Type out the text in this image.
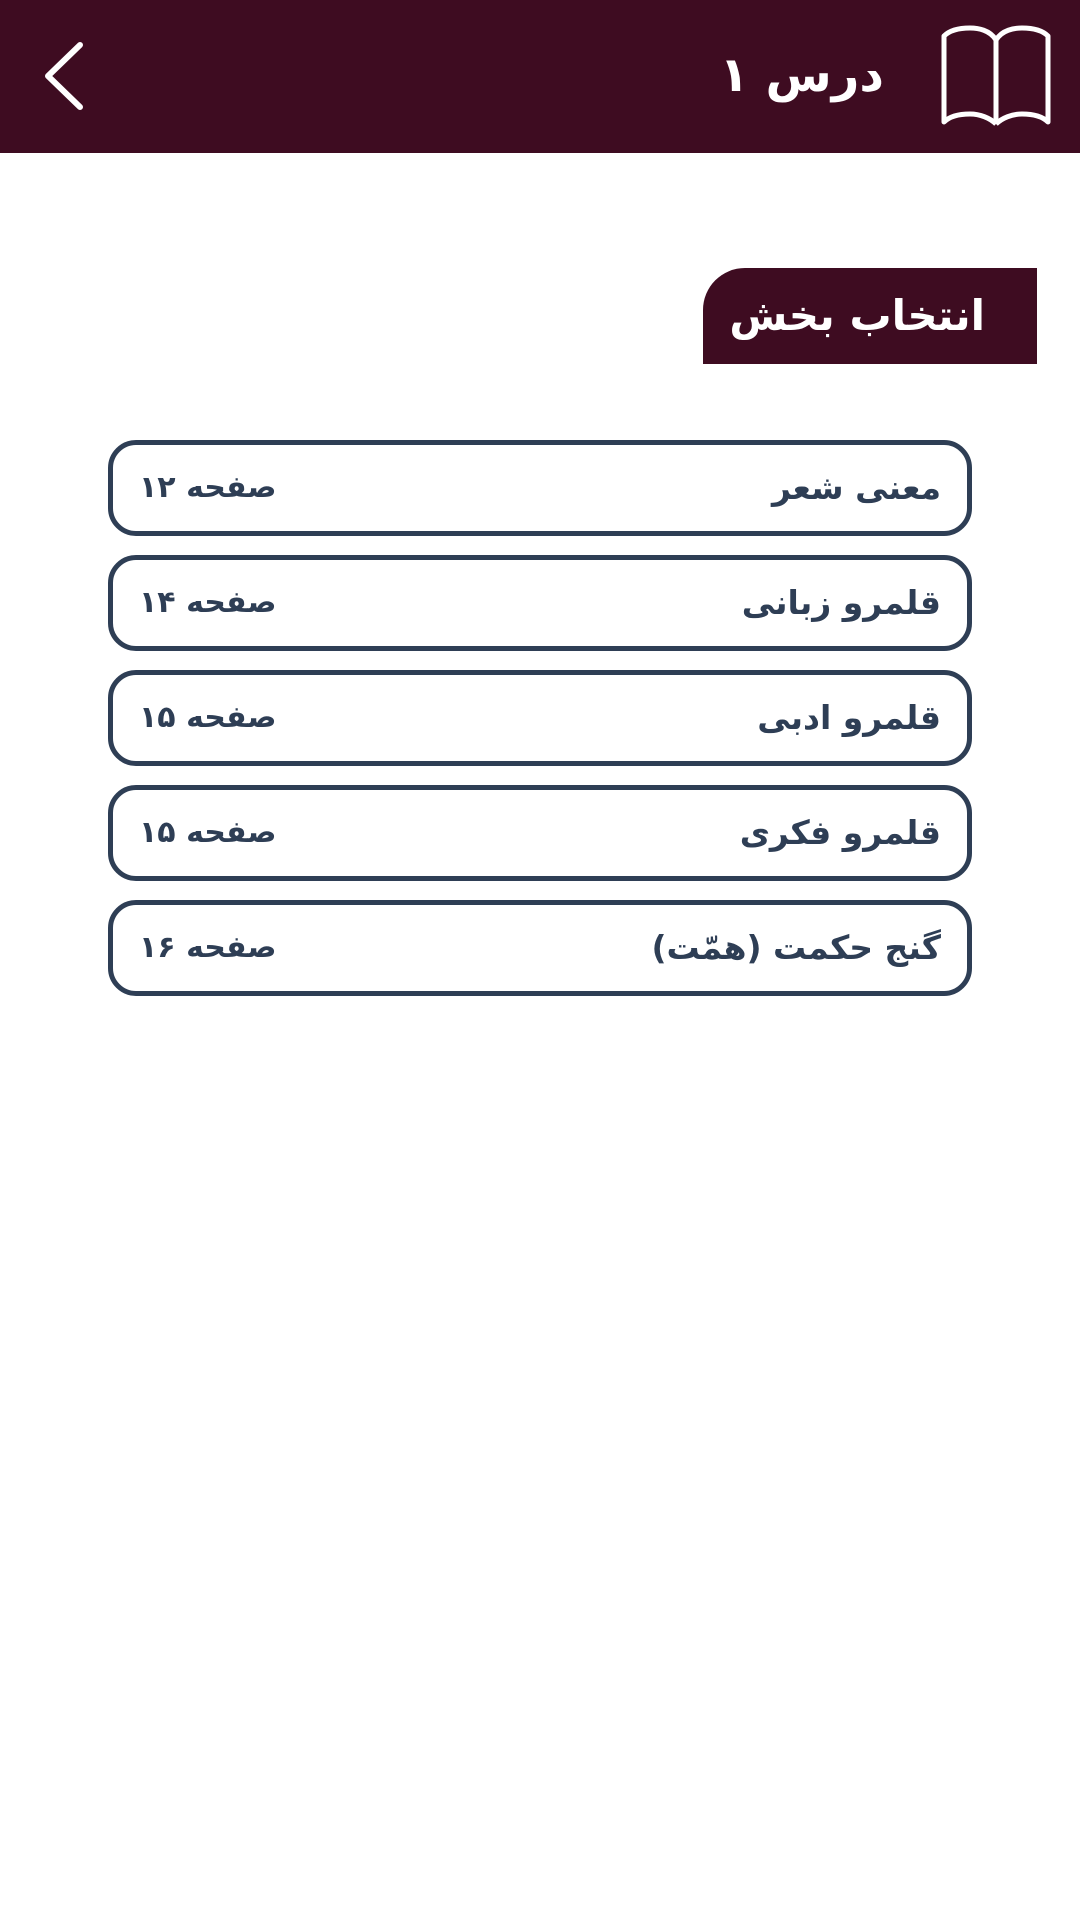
درس ۱
انتخاب بخش
معنی شعر
صفحه ۱۲
قلمرو زبانی
صفحه ۱۴
قلمرو ادبی
صفحه ۱۵
قلمرو فکری
صفحه ۱۵
گنج حکمت (همّت)
صفحه ۱۶
